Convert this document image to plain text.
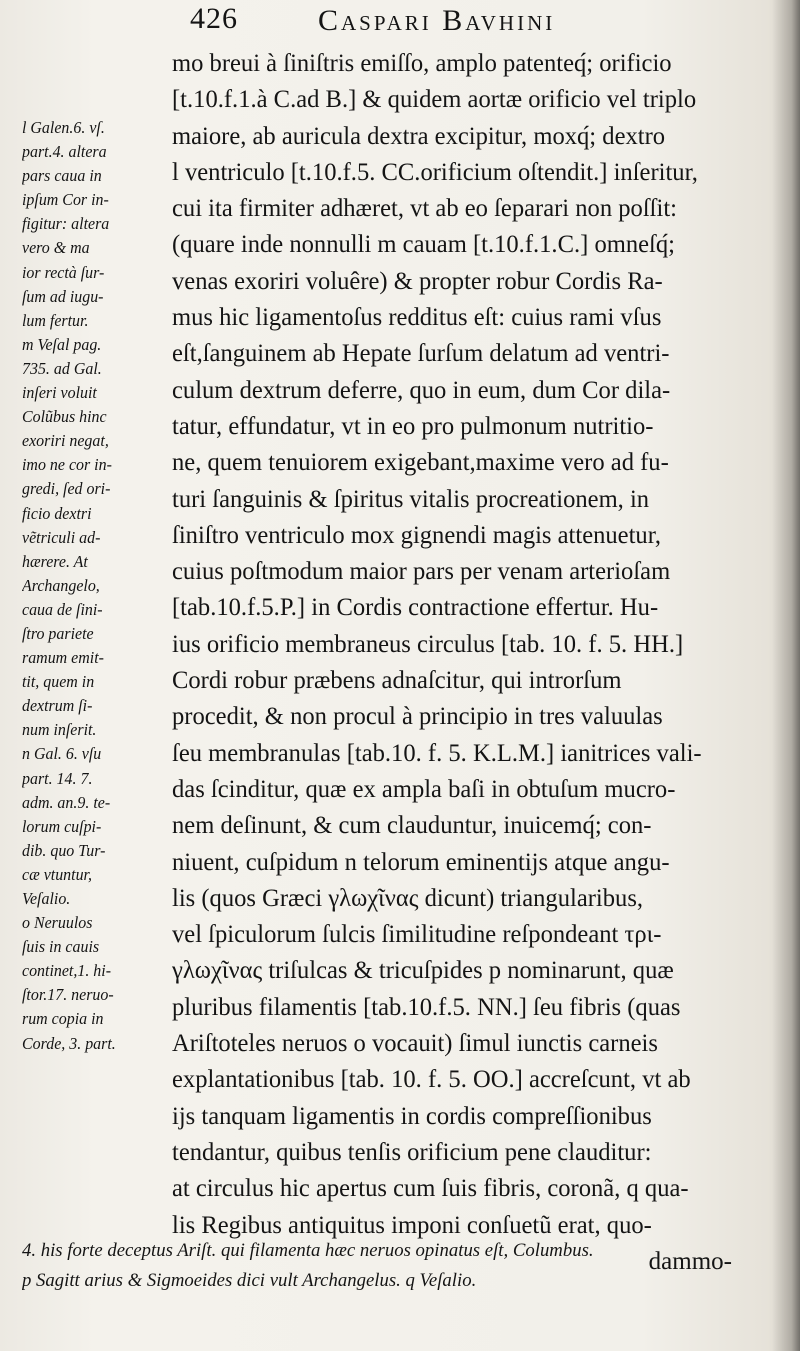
426	Caspari Bavhini
l Galen.6. vſ.
part.4. altera
pars caua in
ipſum Cor in-
figitur: altera
vero & ma
ior rectà ſur-
ſum ad iugu-
lum fertur.
m Veſal pag.
735. ad Gal.
inſeri voluit
Colũbus hinc
exoriri negat,
imo ne cor in-
gredi, ſed ori-
ficio dextri
vẽtriculi ad-
hærere. At
Archangelo,
caua de ſini-
ſtro pariete
ramum emit-
tit, quem in
dextrum ſi-
num inſerit.
n Gal. 6. vſu
part. 14. 7.
adm. an.9. te-
lorum cuſpi-
dib. quo Tur-
cæ vtuntur,
Veſalio.
o Neruulos
ſuis in cauis
continet,1. hi-
ſtor.17. neruo-
rum copia in
Corde, 3. part.
mo breui à ſiniſtris emiſſo, amplo patenteq́; orificio
[t.10.f.1.à C.ad B.] & quidem aortæ orificio vel triplo
maiore, ab auricula dextra excipitur, moxq́; dextro
l ventriculo [t.10.f.5. CC.orificium oſtendit.] inſeritur,
cui ita firmiter adhæret, vt ab eo ſeparari non poſſit:
(quare inde nonnulli m cauam [t.10.f.1.C.] omneſq́;
venas exoriri voluêre) & propter robur Cordis Ra-
mus hic ligamentoſus redditus eſt: cuius rami vſus
eſt,ſanguinem ab Hepate ſurſum delatum ad ventri-
culum dextrum deferre, quo in eum, dum Cor dila-
tatur, effundatur, vt in eo pro pulmonum nutritio-
ne, quem tenuiorem exigebant,maxime vero ad fu-
turi ſanguinis & ſpiritus vitalis procreationem, in
ſiniſtro ventriculo mox gignendi magis attenuetur,
cuius poſtmodum maior pars per venam arterioſam
[tab.10.f.5.P.] in Cordis contractione effertur. Hu-
ius orificio membraneus circulus [tab. 10. f. 5. HH.]
Cordi robur præbens adnaſcitur, qui introrſum
procedit, & non procul à principio in tres valuulas
ſeu membranulas [tab.10. f. 5. K.L.M.] ianitrices vali-
das ſcinditur, quæ ex ampla baſi in obtuſum mucro-
nem deſinunt, & cum clauduntur, inuicemq́; con-
niuent, cuſpidum n telorum eminentijs atque angu-
lis (quos Græci γλωχῖνας dicunt) triangularibus,
vel ſpiculorum ſulcis ſimilitudine reſpondeant τρι-
γλωχῖνας triſulcas & tricuſpides p nominarunt, quæ
pluribus filamentis [tab.10.f.5. NN.] ſeu fibris (quas
Ariſtoteles neruos o vocauit) ſimul iunctis carneis
explantationibus [tab. 10. f. 5. OO.] accreſcunt, vt ab
ijs tanquam ligamentis in cordis compreſſionibus
tendantur, quibus tenſis orificium pene clauditur:
at circulus hic apertus cum ſuis fibris, coronã, q qua-
lis Regibus antiquitus imponi conſuetũ erat, quo-
dammo-
4. his forte deceptus Ariſt. qui filamenta hæc neruos opinatus eſt, Columbus.
p Sagitt arius & Sigmoeides dici vult Archangelus. q Veſalio.
